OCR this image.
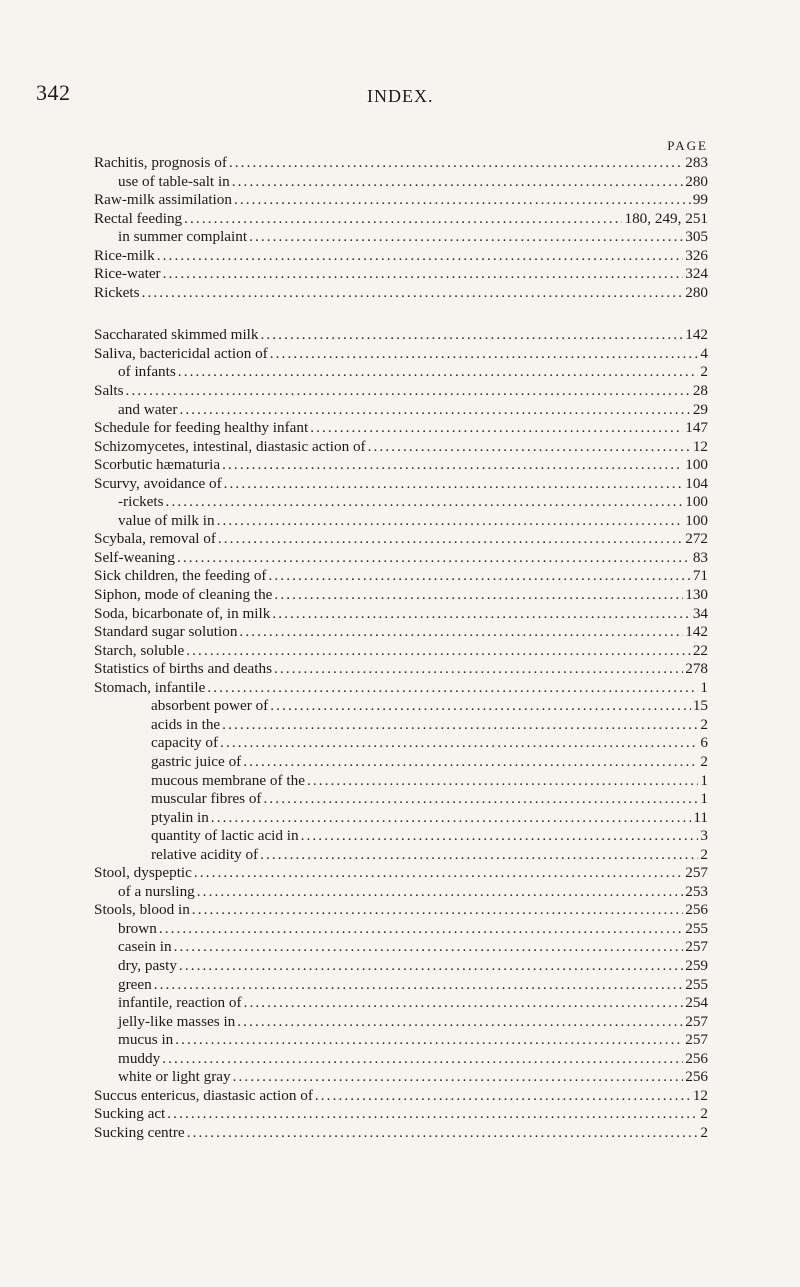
342	INDEX.
PAGE
Rachitis, prognosis of .....	283
use of table-salt in .....	280
Raw-milk assimilation .....	99
Rectal feeding .....	180, 249, 251
in summer complaint .....	305
Rice-milk .....	326
Rice-water .....	324
Rickets .....	280
Saccharated skimmed milk .....	142
Saliva, bactericidal action of .....	4
of infants .....	2
Salts .....	28
and water .....	29
Schedule for feeding healthy infant .....	147
Schizomycetes, intestinal, diastasic action of .....	12
Scorbutic hæmaturia .....	100
Scurvy, avoidance of .....	104
-rickets .....	100
value of milk in .....	100
Scybala, removal of .....	272
Self-weaning .....	83
Sick children, the feeding of .....	71
Siphon, mode of cleaning the .....	130
Soda, bicarbonate of, in milk .....	34
Standard sugar solution .....	142
Starch, soluble .....	22
Statistics of births and deaths .....	278
Stomach, infantile .....	1
absorbent power of .....	15
acids in the .....	2
capacity of .....	6
gastric juice of .....	2
mucous membrane of the .....	1
muscular fibres of .....	1
ptyalin in .....	11
quantity of lactic acid in .....	3
relative acidity of .....	2
Stool, dyspeptic .....	257
of a nursling .....	253
Stools, blood in .....	256
brown .....	255
casein in .....	257
dry, pasty .....	259
green .....	255
infantile, reaction of .....	254
jelly-like masses in .....	257
mucus in .....	257
muddy .....	256
white or light gray .....	256
Succus entericus, diastasic action of .....	12
Sucking act .....	2
Sucking centre .....	2
